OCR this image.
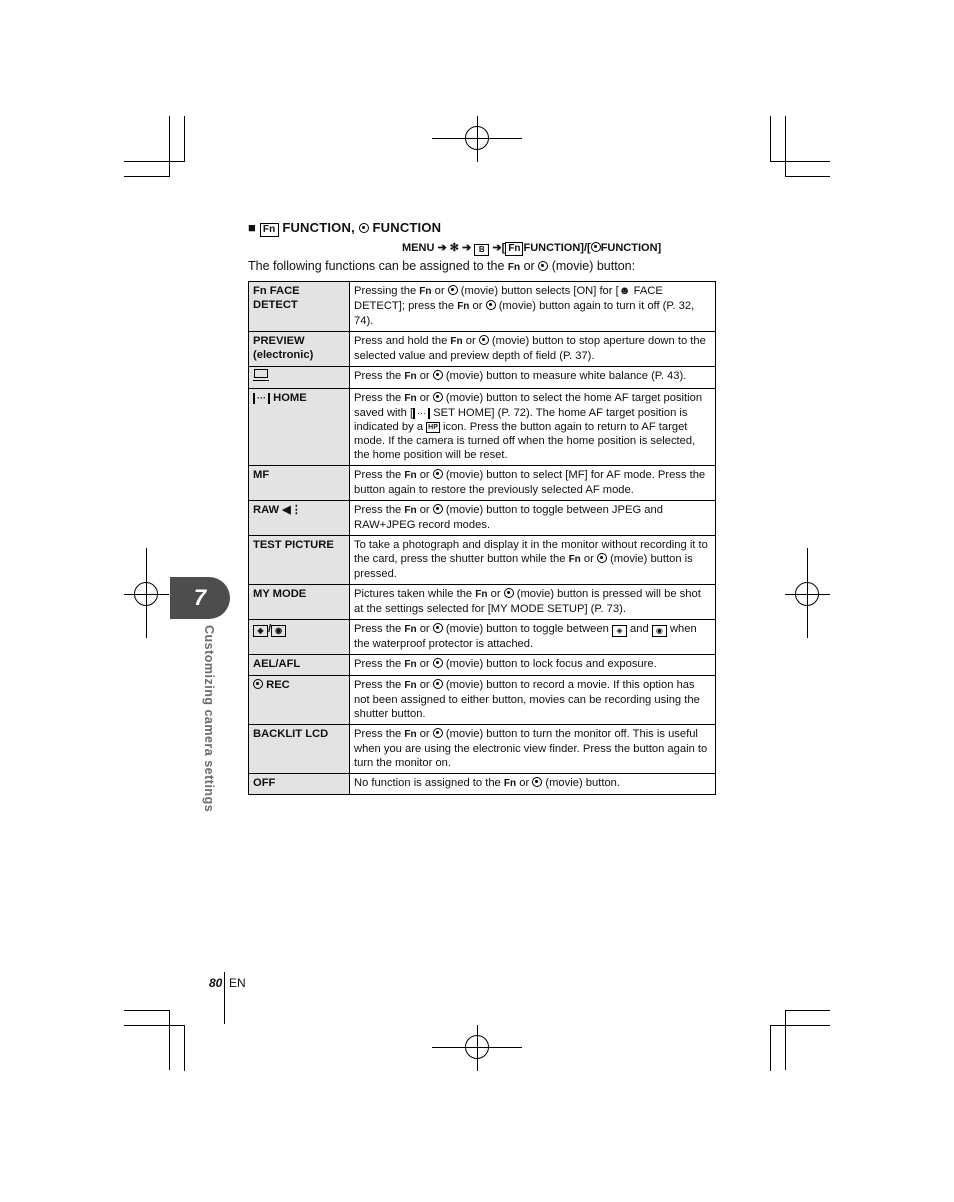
■ Fn FUNCTION, FUNCTION
MENU ➔ ✻ ➔ B ➔[ Fn FUNCTION]/[ FUNCTION]
The following functions can be assigned to the Fn or (movie) button:
Fn FACE DETECT	Pressing the Fn or (movie) button selects [ON] for [☻ FACE DETECT]; press the Fn or (movie) button again to turn it off (P. 32, 74).
PREVIEW
(electronic)	Press and hold the Fn or (movie) button to stop aperture down to the selected value and preview depth of field (P. 37).
	Press the Fn or (movie) button to measure white balance (P. 43).
··· HOME	Press the Fn or (movie) button to select the home AF target position saved with [ ··· SET HOME] (P. 72). The home AF target position is indicated by a HP icon. Press the button again to return to AF target mode. If the camera is turned off when the home position is selected, the home position will be reset.
MF	Press the Fn or (movie) button to select [MF] for AF mode. Press the button again to restore the previously selected AF mode.
RAW ◀⋮	Press the Fn or (movie) button to toggle between JPEG and RAW+JPEG record modes.
TEST PICTURE	To take a photograph and display it in the monitor without recording it to the card, press the shutter button while the Fn or (movie) button is pressed.
MY MODE	Pictures taken while the Fn or (movie) button is pressed will be shot at the settings selected for [MY MODE SETUP] (P. 73).
◈ / ◉	Press the Fn or (movie) button to toggle between ◈ and ◉ when the waterproof protector is attached.
AEL/AFL	Press the Fn or (movie) button to lock focus and exposure.
REC	Press the Fn or (movie) button to record a movie. If this option has not been assigned to either button, movies can be recording using the shutter button.
BACKLIT LCD	Press the Fn or (movie) button to turn the monitor off. This is useful when you are using the electronic view finder. Press the button again to turn the monitor on.
OFF	No function is assigned to the Fn or (movie) button.
7
Customizing camera settings
80 EN
